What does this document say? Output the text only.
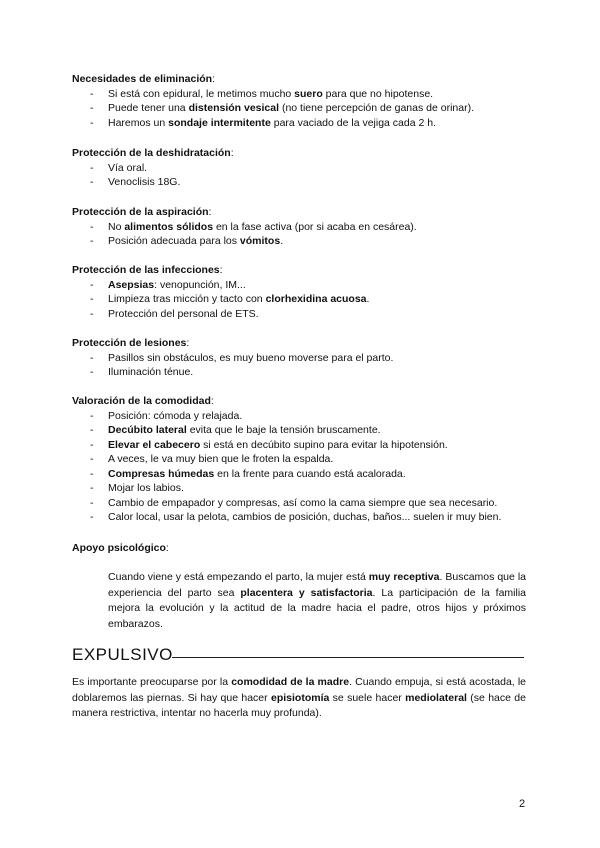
Necesidades de eliminación:
- Si está con epidural, le metimos mucho suero para que no hipotense.
- Puede tener una distensión vesical (no tiene percepción de ganas de orinar).
- Haremos un sondaje intermitente para vaciado de la vejiga cada 2 h.
Protección de la deshidratación:
- Vía oral.
- Venoclisis 18G.
Protección de la aspiración:
- No alimentos sólidos en la fase activa (por si acaba en cesárea).
- Posición adecuada para los vómitos.
Protección de las infecciones:
- Asepsias: venopunción, IM...
- Limpieza tras micción y tacto con clorhexidina acuosa.
- Protección del personal de ETS.
Protección de lesiones:
- Pasillos sin obstáculos, es muy bueno moverse para el parto.
- Iluminación ténue.
Valoración de la comodidad:
- Posición: cómoda y relajada.
- Decúbito lateral evita que le baje la tensión bruscamente.
- Elevar el cabecero si está en decúbito supino para evitar la hipotensión.
- A veces, le va muy bien que le froten la espalda.
- Compresas húmedas en la frente para cuando está acalorada.
- Mojar los labios.
- Cambio de empapador y compresas, así como la cama siempre que sea necesario.
- Calor local, usar la pelota, cambios de posición, duchas, baños... suelen ir muy bien.
Apoyo psicológico:
Cuando viene y está empezando el parto, la mujer está muy receptiva. Buscamos que la experiencia del parto sea placentera y satisfactoria. La participación de la familia mejora la evolución y la actitud de la madre hacia el padre, otros hijos y próximos embarazos.
EXPULSIVO
Es importante preocuparse por la comodidad de la madre. Cuando empuja, si está acostada, le doblaremos las piernas. Si hay que hacer episiotomía se suele hacer mediolateral (se hace de manera restrictiva, intentar no hacerla muy profunda).
2
